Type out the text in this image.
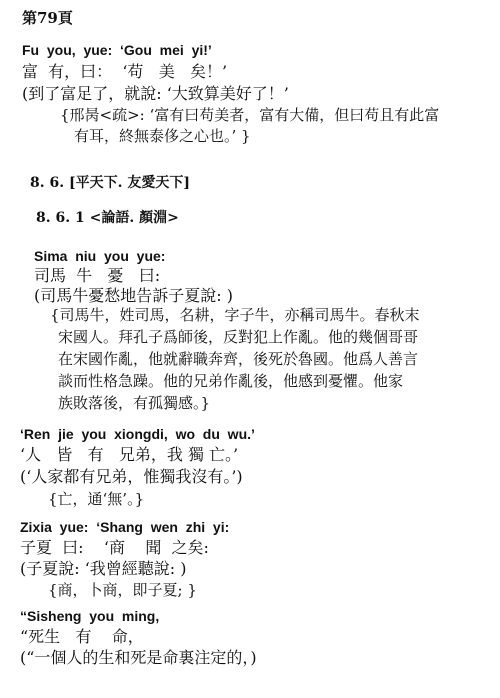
第79頁
Fu  you,  yue:  ‘Gou  mei  yi!’
富  有，曰：  ‘苟   美   矣！’
(到了富足了，就說: ‘大致算美好了！’
{邢昺<疏>: ‘富有曰苟美者，富有大備，但曰苟且有此富
有耳，終無泰侈之心也。’ }
8. 6. [平天下. 友愛天下]
8. 6. 1 <論語. 顏淵>
Sima  niu  you  yue:
司馬  牛   憂   曰:
(司馬牛憂愁地告訴子夏說: )
{司馬牛，姓司馬，名耕，字子牛，亦稱司馬牛。春秋末
宋國人。拜孔子爲師後，反對犯上作亂。他的幾個哥哥
在宋國作亂，他就辭職奔齊，後死於魯國。他爲人善言
談而性格急躁。他的兄弟作亂後，他感到憂懼。他家
族敗落後，有孤獨感。}
‘Ren  jie  you  xiongdi,  wo  du  wu.’
‘人   皆   有   兄弟，我 獨 亡。’
(‘人家都有兄弟，惟獨我沒有。’)
{亡，通‘無’。}
Zixia  yue:  ‘Shang  wen  zhi  yi:
子夏  曰:    ‘商    聞  之矣:
(子夏說: ‘我曾經聽說: )
{商，卜商，即子夏; }
“Sisheng  you  ming,
“死生   有    命，
(“一個人的生和死是命裏注定的，)
